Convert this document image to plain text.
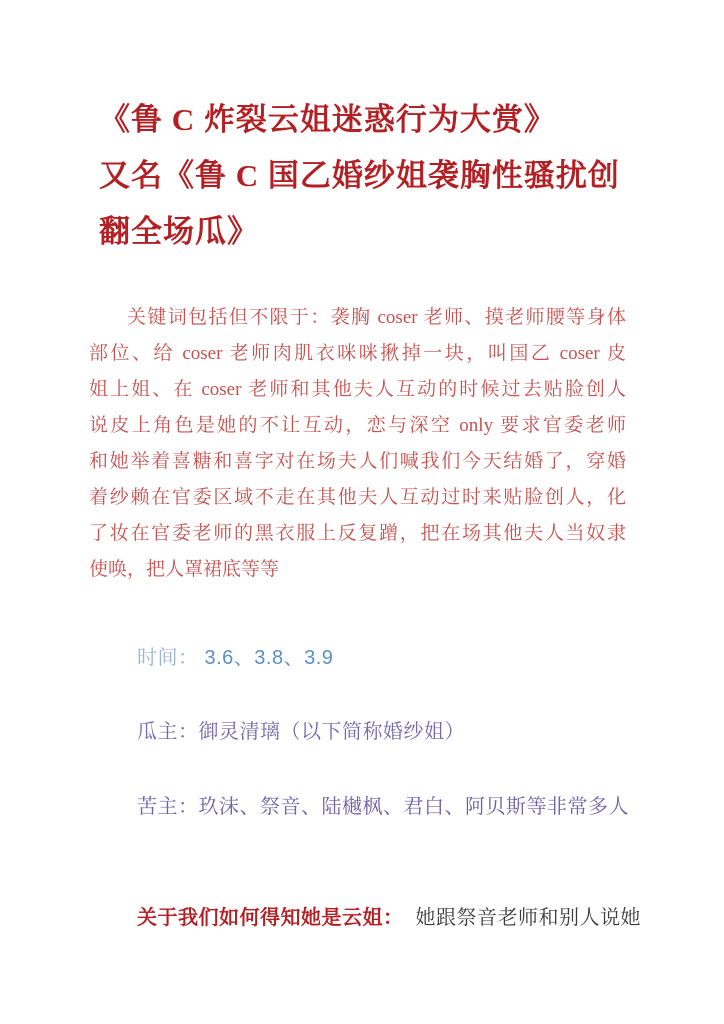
《鲁 C 炸裂云姐迷惑行为大赏》
又名《鲁 C 国乙婚纱姐袭胸性骚扰创
翻全场瓜》
关键词包括但不限于：袭胸 coser 老师、摸老师腰等身体
部位、给 coser 老师肉肌衣咪咪揪掉一块，叫国乙 coser 皮
姐上姐、在 coser 老师和其他夫人互动的时候过去贴脸创人
说皮上角色是她的不让互动，恋与深空 only 要求官委老师
和她举着喜糖和喜字对在场夫人们喊我们今天结婚了，穿婚
着纱赖在官委区域不走在其他夫人互动过时来贴脸创人，化
了妆在官委老师的黑衣服上反复蹭，把在场其他夫人当奴隶
使唤，把人罩裙底等等
时间： 3.6、3.8、3.9
瓜主：御灵清璃（以下简称婚纱姐）
苦主：玖沫、祭音、陆樾枫、君白、阿贝斯等非常多人
关于我们如何得知她是云姐： 她跟祭音老师和别人说她
